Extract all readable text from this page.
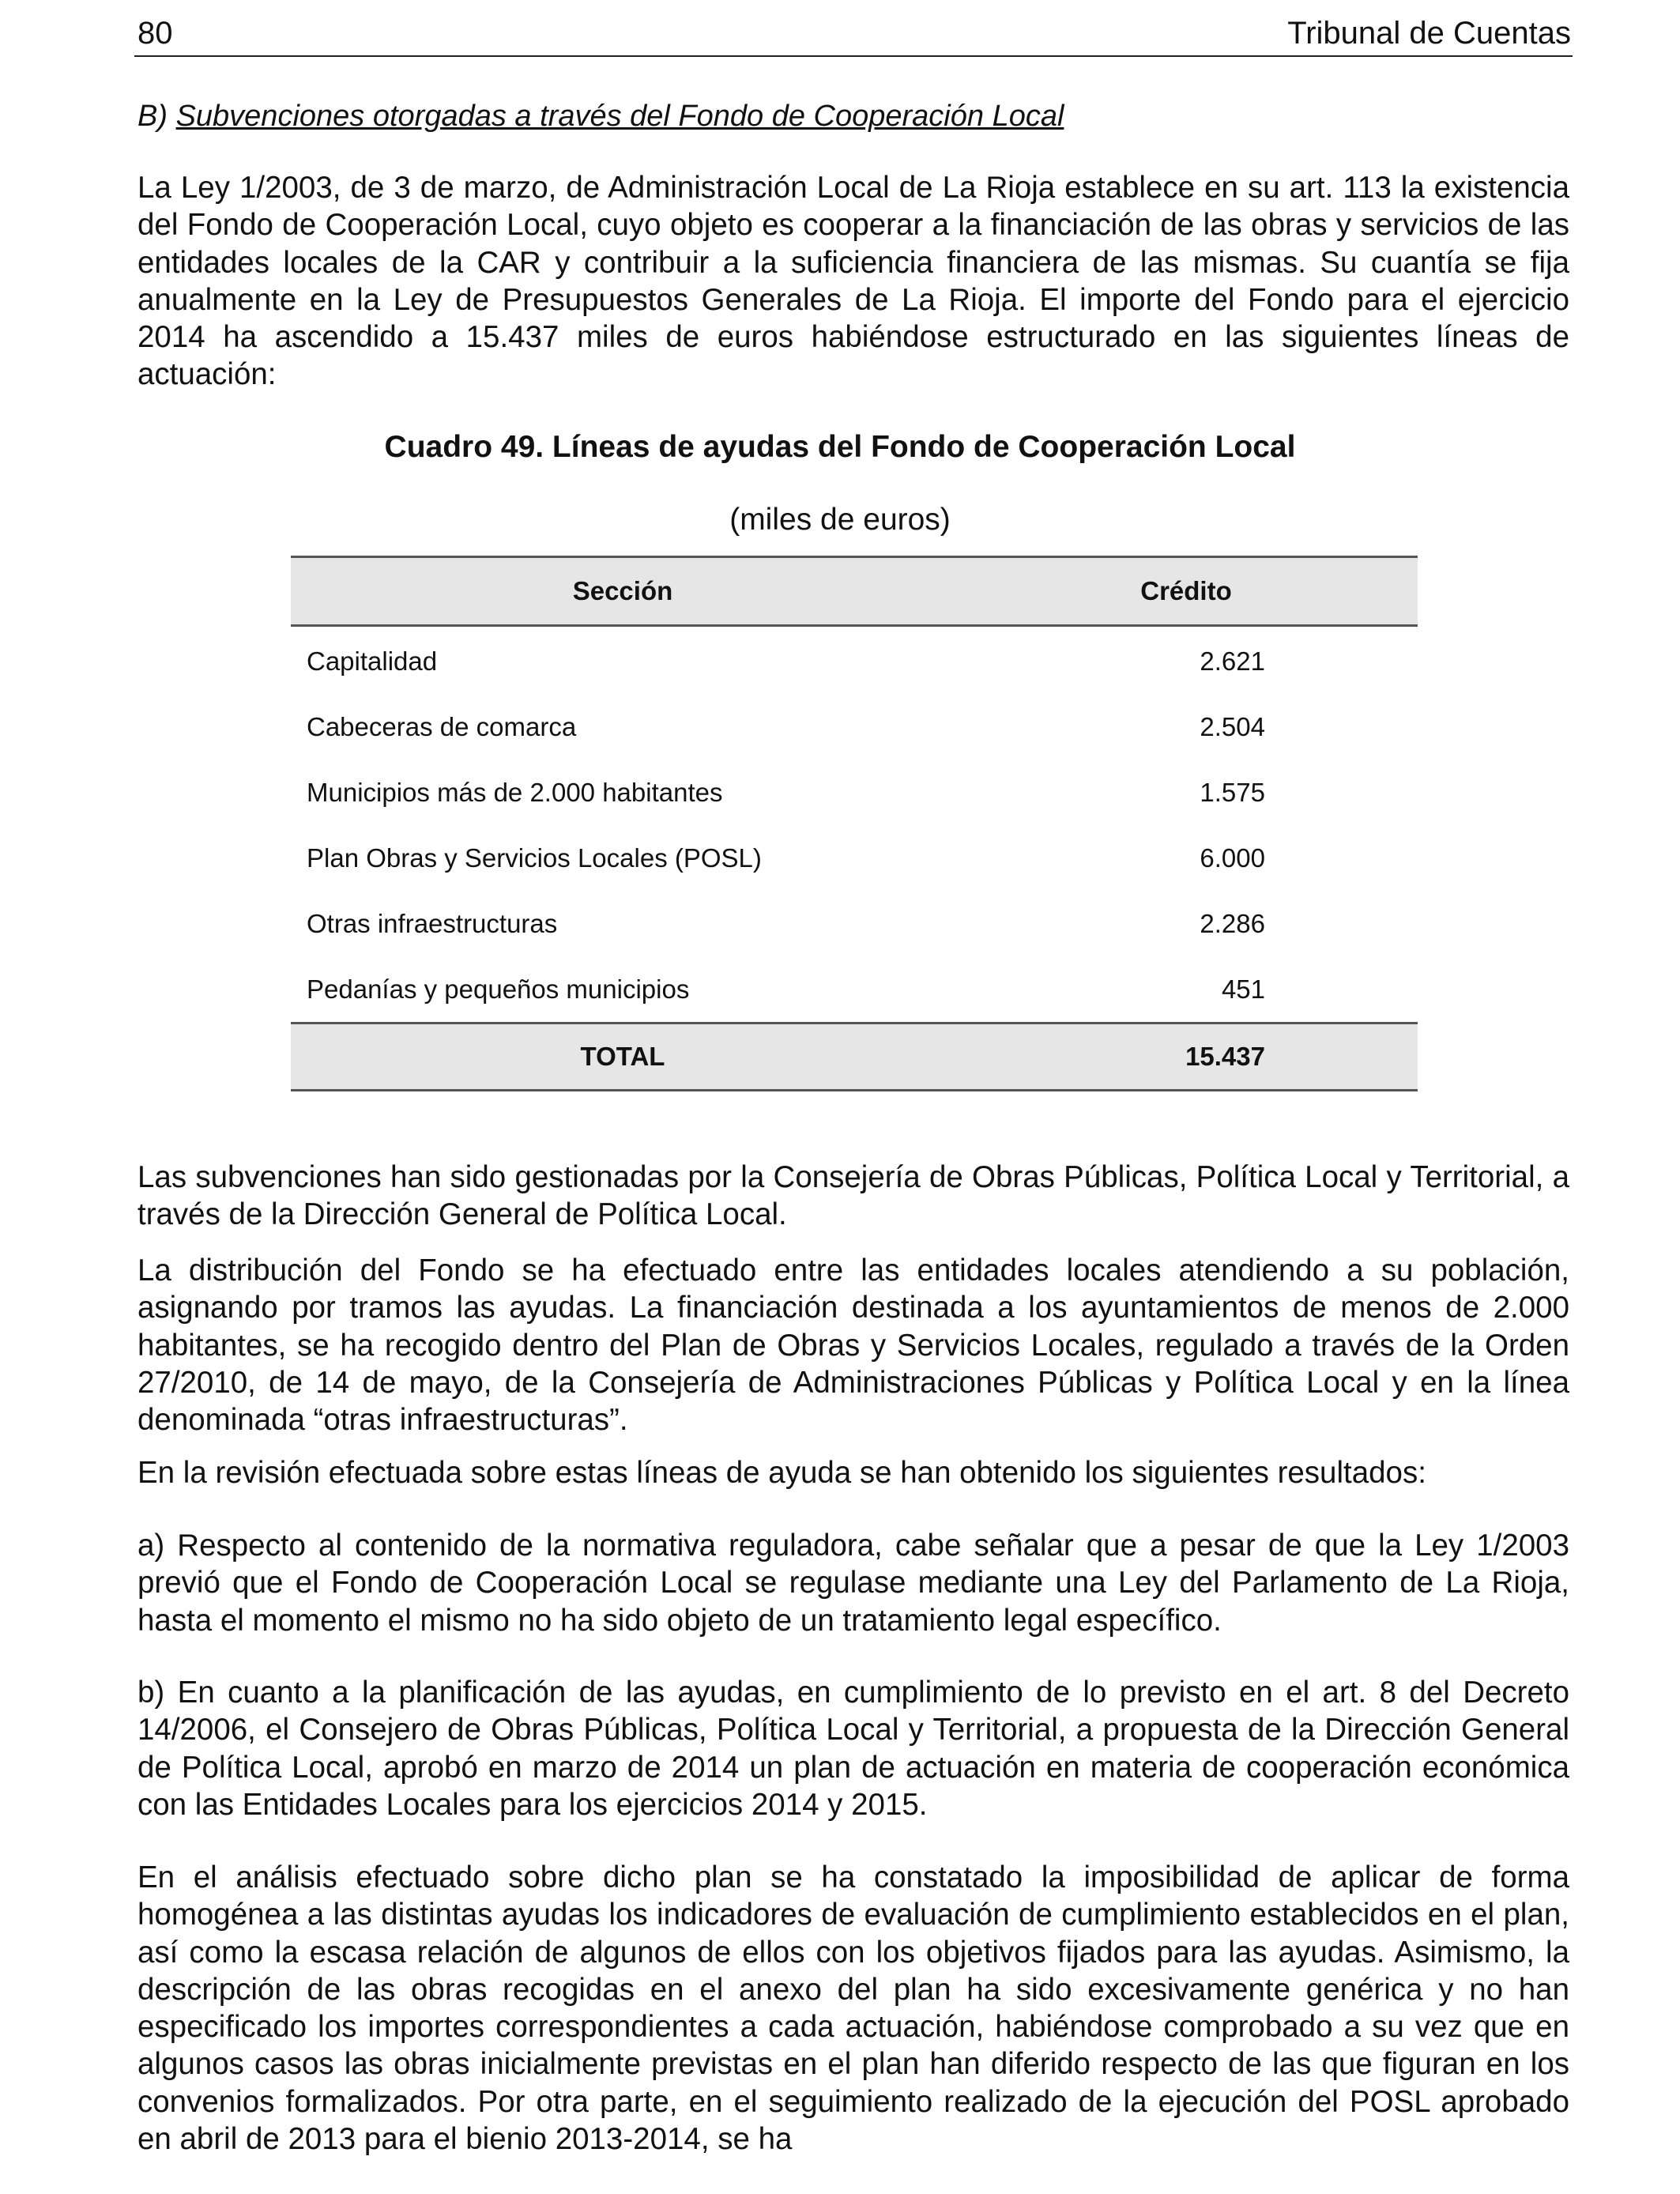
80	Tribunal de Cuentas
B) Subvenciones otorgadas a través del Fondo de Cooperación Local

La Ley 1/2003, de 3 de marzo, de Administración Local de La Rioja establece en su art. 113 la existencia del Fondo de Cooperación Local, cuyo objeto es cooperar a la financiación de las obras y servicios de las entidades locales de la CAR y contribuir a la suficiencia financiera de las mismas. Su cuantía se fija anualmente en la Ley de Presupuestos Generales de La Rioja. El importe del Fondo para el ejercicio 2014 ha ascendido a 15.437 miles de euros habiéndose estructurado en las siguientes líneas de actuación:

Cuadro 49. Líneas de ayudas del Fondo de Cooperación Local
(miles de euros)
Sección	Crédito
Capitalidad	2.621
Cabeceras de comarca	2.504
Municipios más de 2.000 habitantes	1.575
Plan Obras y Servicios Locales (POSL)	6.000
Otras infraestructuras	2.286
Pedanías y pequeños municipios	451
TOTAL	15.437

Las subvenciones han sido gestionadas por la Consejería de Obras Públicas, Política Local y Territorial, a través de la Dirección General de Política Local.

La distribución del Fondo se ha efectuado entre las entidades locales atendiendo a su población, asignando por tramos las ayudas. La financiación destinada a los ayuntamientos de menos de 2.000 habitantes, se ha recogido dentro del Plan de Obras y Servicios Locales, regulado a través de la Orden 27/2010, de 14 de mayo, de la Consejería de Administraciones Públicas y Política Local y en la línea denominada “otras infraestructuras”.

En la revisión efectuada sobre estas líneas de ayuda se han obtenido los siguientes resultados:

a) Respecto al contenido de la normativa reguladora, cabe señalar que a pesar de que la Ley 1/2003 previó que el Fondo de Cooperación Local se regulase mediante una Ley del Parlamento de La Rioja, hasta el momento el mismo no ha sido objeto de un tratamiento legal específico.

b) En cuanto a la planificación de las ayudas, en cumplimiento de lo previsto en el art. 8 del Decreto 14/2006, el Consejero de Obras Públicas, Política Local y Territorial, a propuesta de la Dirección General de Política Local, aprobó en marzo de 2014 un plan de actuación en materia de cooperación económica con las Entidades Locales para los ejercicios 2014 y 2015.

En el análisis efectuado sobre dicho plan se ha constatado la imposibilidad de aplicar de forma homogénea a las distintas ayudas los indicadores de evaluación de cumplimiento establecidos en el plan, así como la escasa relación de algunos de ellos con los objetivos fijados para las ayudas. Asimismo, la descripción de las obras recogidas en el anexo del plan ha sido excesivamente genérica y no han especificado los importes correspondientes a cada actuación, habiéndose comprobado a su vez que en algunos casos las obras inicialmente previstas en el plan han diferido respecto de las que figuran en los convenios formalizados. Por otra parte, en el seguimiento realizado de la ejecución del POSL aprobado en abril de 2013 para el bienio 2013-2014, se ha
